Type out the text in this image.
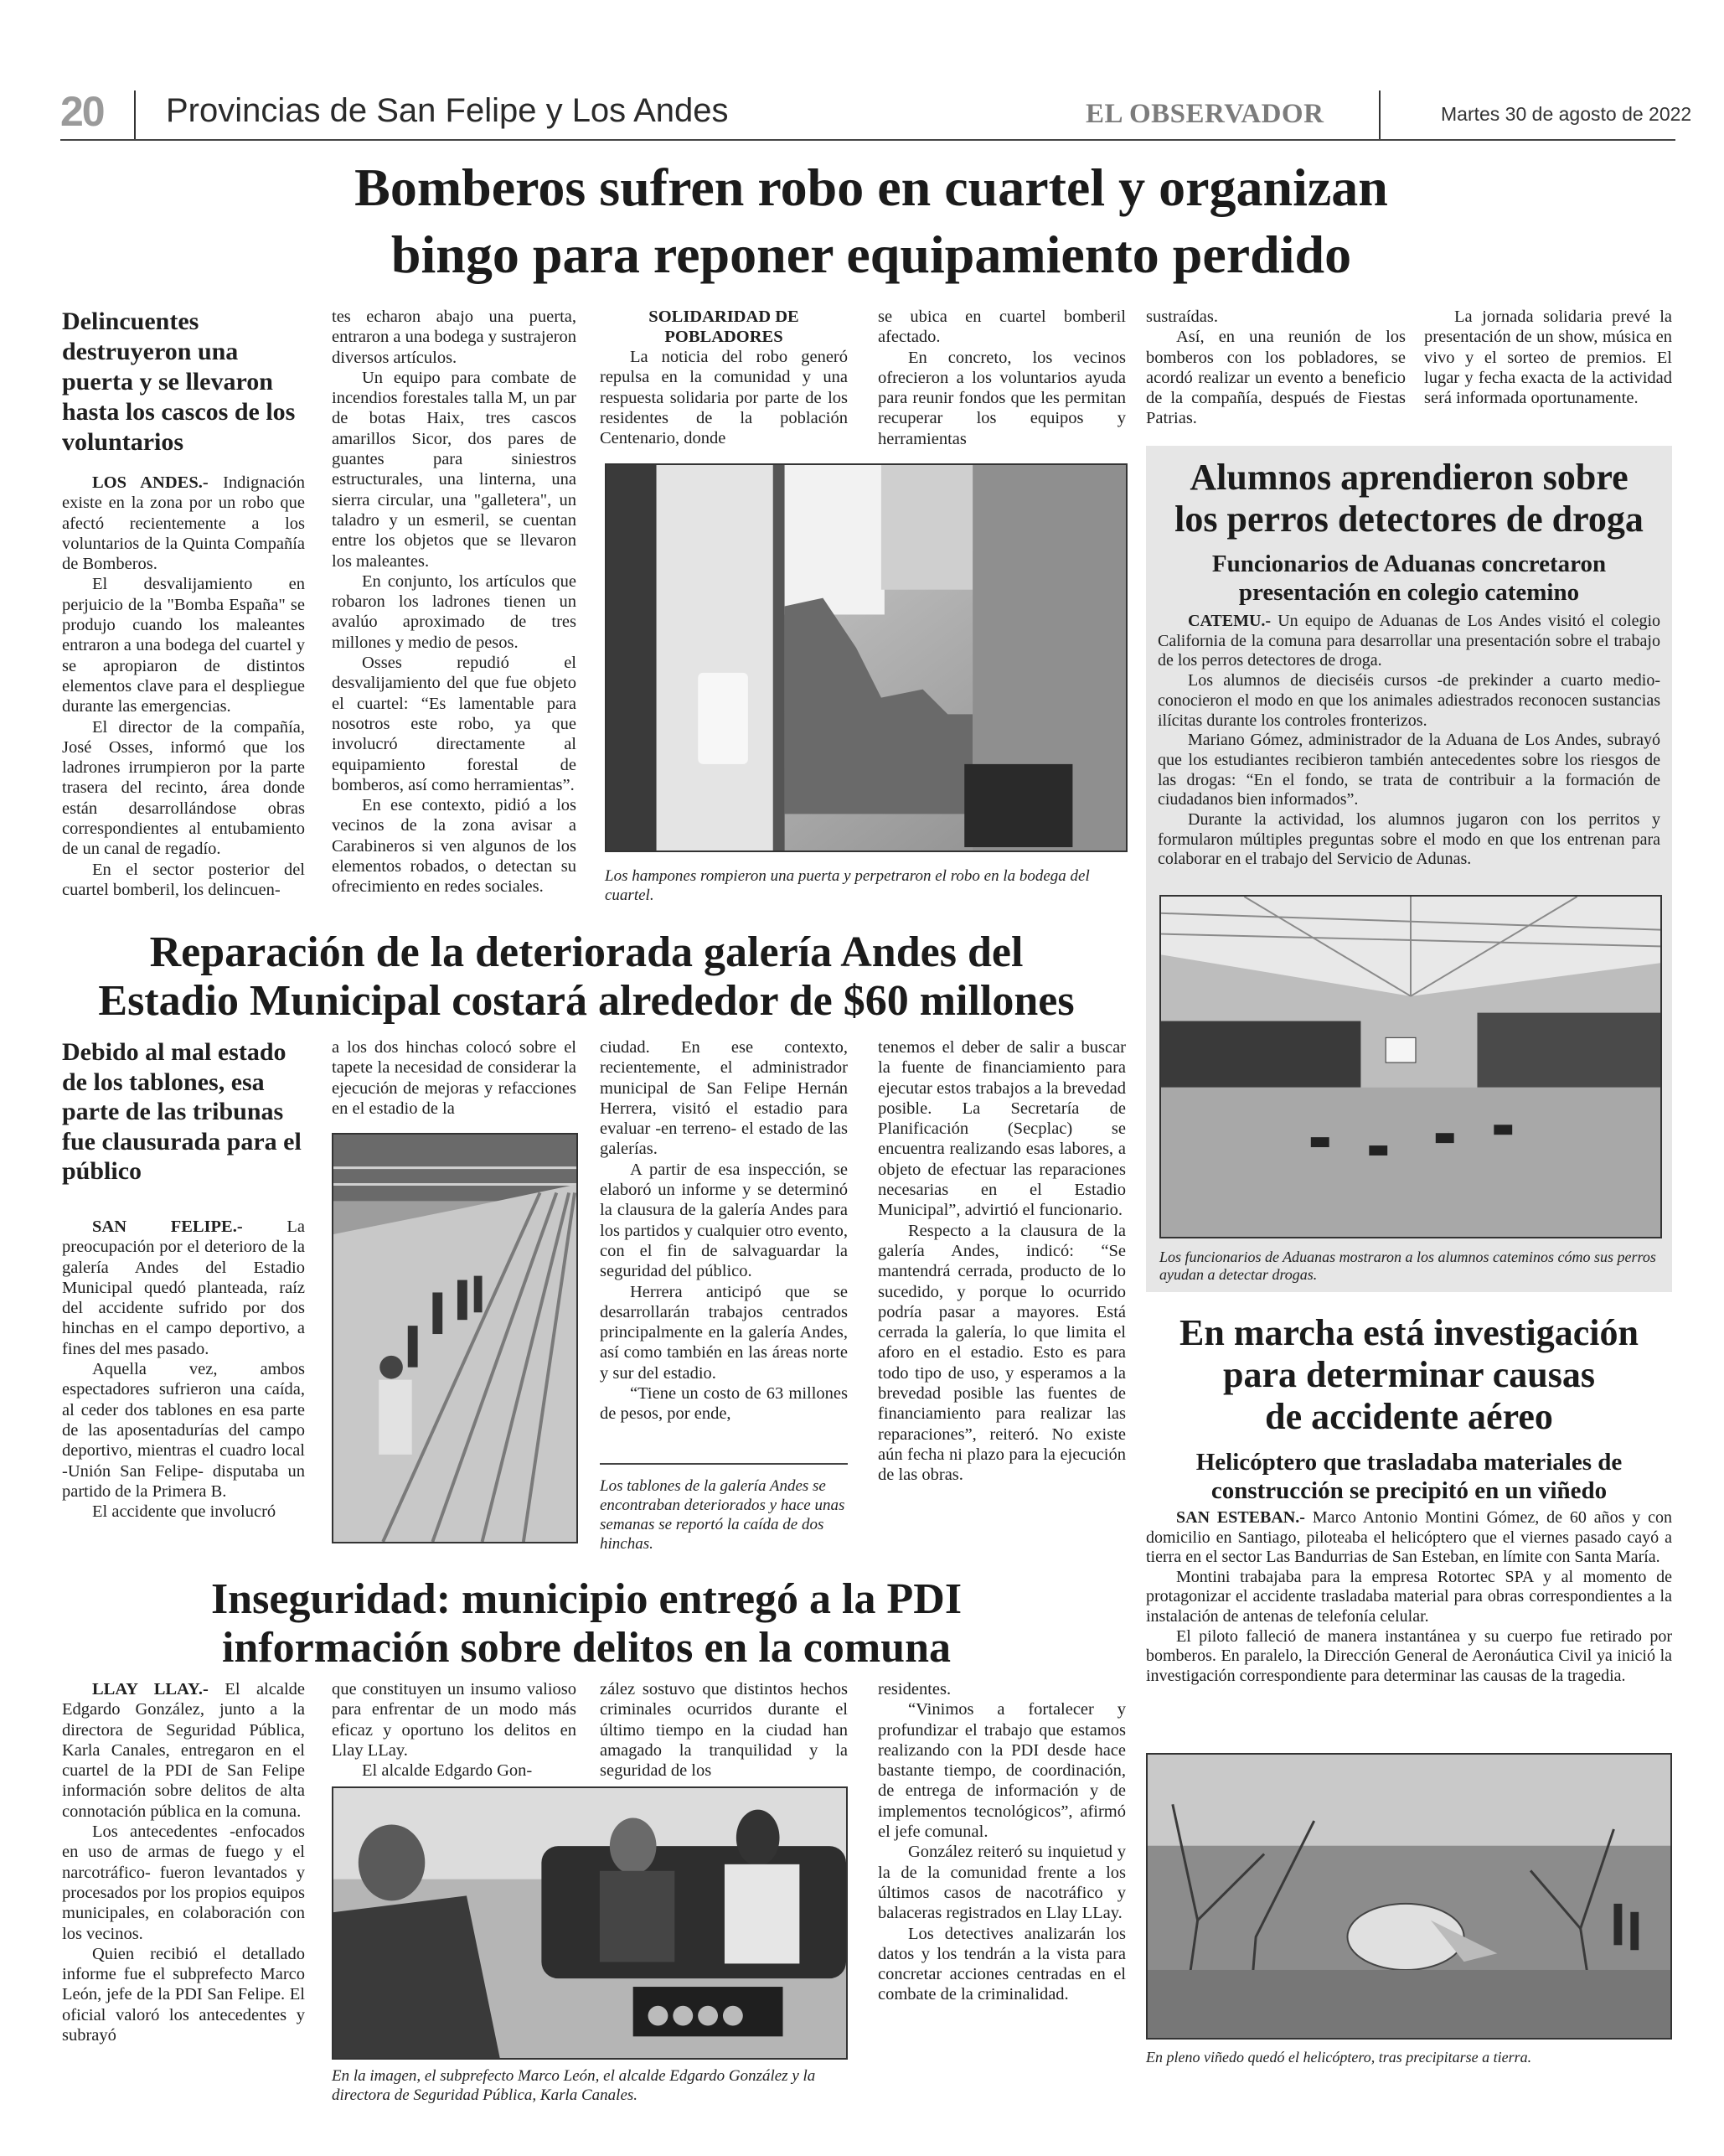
20 Provincias de San Felipe y Los Andes	EL OBSERVADOR	Martes 30 de agosto de 2022
Bomberos sufren robo en cuartel y organizan
bingo para reponer equipamiento perdido
Delincuentes destruyeron una puerta y se llevaron hasta los cascos de los voluntarios

LOS ANDES.- Indignación existe en la zona por un robo que afectó recientemente a los voluntarios de la Quinta Compañía de Bomberos.

El desvalijamiento en perjuicio de la "Bomba España" se produjo cuando los maleantes entraron a una bodega del cuartel y se apropiaron de distintos elementos clave para el despliegue durante las emergencias.

El director de la compañía, José Osses, informó que los ladrones irrumpieron por la parte trasera del recinto, área donde están desarrollándose obras correspondientes al entubamiento de un canal de regadío.

En el sector posterior del cuartel bomberil, los delincuen-

tes echaron abajo una puerta, entraron a una bodega y sustrajeron diversos artículos.

Un equipo para combate de incendios forestales talla M, un par de botas Haix, tres cascos amarillos Sicor, dos pares de guantes para siniestros estructurales, una linterna, una sierra circular, una "galletera", un taladro y un esmeril, se cuentan entre los objetos que se llevaron los maleantes.

En conjunto, los artículos que robaron los ladrones tienen un avalúo aproximado de tres millones y medio de pesos.

Osses repudió el desvalijamiento del que fue objeto el cuartel: “Es lamentable para nosotros este robo, ya que involucró directamente al equipamiento forestal de bomberos, así como herramientas”.

En ese contexto, pidió a los vecinos de la zona avisar a Carabineros si ven algunos de los elementos robados, o detectan su ofrecimiento en redes sociales.

SOLIDARIDAD DE POBLADORES

La noticia del robo generó repulsa en la comunidad y una respuesta solidaria por parte de los residentes de la población Centenario, donde

se ubica en cuartel bomberil afectado.

En concreto, los vecinos ofrecieron a los voluntarios ayuda para reunir fondos que les permitan recuperar los equipos y herramientas

sustraídas.

Así, en una reunión de los bomberos con los pobladores, se acordó realizar un evento a beneficio de la compañía, después de Fiestas Patrias.

La jornada solidaria prevé la presentación de un show, música en vivo y el sorteo de premios. El lugar y fecha exacta de la actividad será informada oportunamente.

Los hampones rompieron una puerta y perpetraron el robo en la bodega del cuartel.
Alumnos aprendieron sobre
los perros detectores de droga
Funcionarios de Aduanas concretaron
presentación en colegio catemino

CATEMU.- Un equipo de Aduanas de Los Andes visitó el colegio California de la comuna para desarrollar una presentación sobre el trabajo de los perros detectores de droga.

Los alumnos de dieciséis cursos -de prekinder a cuarto medio- conocieron el modo en que los animales adiestrados reconocen sustancias ilícitas durante los controles fronterizos.

Mariano Gómez, administrador de la Aduana de Los Andes, subrayó que los estudiantes recibieron también antecedentes sobre los riesgos de las drogas: “En el fondo, se trata de contribuir a la formación de ciudadanos bien informados”.

Durante la actividad, los alumnos jugaron con los perritos y formularon múltiples preguntas sobre el modo en que los entrenan para colaborar en el trabajo del Servicio de Adunas.

Los funcionarios de Aduanas mostraron a los alumnos cateminos cómo sus perros ayudan a detectar drogas.
Reparación de la deteriorada galería Andes del
Estadio Municipal costará alrededor de $60 millones
Debido al mal estado de los tablones, esa parte de las tribunas fue clausurada para el público

SAN FELIPE.-	La preocupación por el deterioro de la galería Andes del Estadio Municipal quedó planteada, raíz del accidente sufrido por dos hinchas en el campo deportivo, a fines del mes pasado.

Aquella vez, ambos espectadores sufrieron una caída, al ceder dos tablones en esa parte de las aposentadurías del campo deportivo, mientras el cuadro local -Unión San Felipe- disputaba un partido de la Primera B.

El accidente que involucró

a los dos hinchas colocó sobre el tapete la necesidad de considerar la ejecución de mejoras y refacciones en el estadio de la

ciudad. En ese contexto, recientemente, el administrador municipal de San Felipe Hernán Herrera, visitó el estadio para evaluar -en terreno- el estado de las galerías.

A partir de esa inspección, se elaboró un informe y se determinó la clausura de la galería Andes para los partidos y cualquier otro evento, con el fin de salvaguardar la seguridad del público.

Herrera anticipó que se desarrollarán trabajos centrados principalmente en la galería Andes, así como también en las áreas norte y sur del estadio.

“Tiene un costo de 63 millones de pesos, por ende,

Los tablones de la galería Andes se encontraban deteriorados y hace unas semanas se reportó la caída de dos hinchas.

tenemos el deber de salir a buscar la fuente de financiamiento para ejecutar estos trabajos a la brevedad posible. La Secretaría de Planificación (Secplac) se encuentra realizando esas labores, a objeto de efectuar las reparaciones necesarias en el Estadio Municipal”, advirtió el funcionario.

Respecto a la clausura de la galería Andes, indicó: “Se mantendrá cerrada, producto de lo sucedido, y porque lo ocurrido podría pasar a mayores. Está cerrada la galería, lo que limita el aforo en el estadio. Esto es para todo tipo de uso, y esperamos a la brevedad posible las fuentes de financiamiento para realizar las reparaciones”, reiteró. No existe aún fecha ni plazo para la ejecución de las obras.

En marcha está investigación
para determinar causas
de accidente aéreo
Helicóptero que trasladaba materiales de
construcción se precipitó en un viñedo

SAN ESTEBAN.- Marco Antonio Montini Gómez, de 60 años y con domicilio en Santiago, piloteaba el helicóptero que el viernes pasado cayó a tierra en el sector Las Bandurrias de San Esteban, en límite con Santa María.

Montini trabajaba para la empresa Rotortec SPA y al momento de protagonizar el accidente trasladaba material para obras correspondientes a la instalación de antenas de telefonía celular.

El piloto falleció de manera instantánea y su cuerpo fue retirado por bomberos. En paralelo, la Dirección General de Aeronáutica Civil ya inició la investigación correspondiente para determinar las causas de la tragedia.

En pleno viñedo quedó el helicóptero, tras precipitarse a tierra.
Inseguridad: municipio entregó a la PDI
información sobre delitos en la comuna

LLAY LLAY.- El alcalde Edgardo González, junto a la directora de Seguridad Pública, Karla Canales, entregaron en el cuartel de la PDI de San Felipe información sobre delitos de alta connotación pública en la comuna.

Los antecedentes -enfocados en uso de armas de fuego y el narcotráfico- fueron levantados y procesados por los propios equipos municipales, en colaboración con los vecinos.

Quien recibió el detallado informe fue el subprefecto Marco León, jefe de la PDI San Felipe. El oficial valoró los antecedentes y subrayó

que constituyen un insumo valioso para enfrentar de un modo más eficaz y oportuno los delitos en Llay LLay.

El alcalde Edgardo Gon-

zález sostuvo que distintos hechos criminales ocurridos durante el último tiempo en la ciudad han amagado la tranquilidad y la seguridad de los

En la imagen, el subprefecto Marco León, el alcalde Edgardo González y la directora de Seguridad Pública, Karla Canales.

residentes.

“Vinimos a fortalecer y profundizar el trabajo que estamos realizando con la PDI desde hace bastante tiempo, de coordinación, de entrega de información y de implementos tecnológicos”, afirmó el jefe comunal.

González reiteró su inquietud y la de la comunidad frente a los últimos casos de nacotráfico y balaceras registrados en Llay LLay.

Los detectives analizarán los datos y los tendrán a la vista para concretar acciones centradas en el combate de la criminalidad.
